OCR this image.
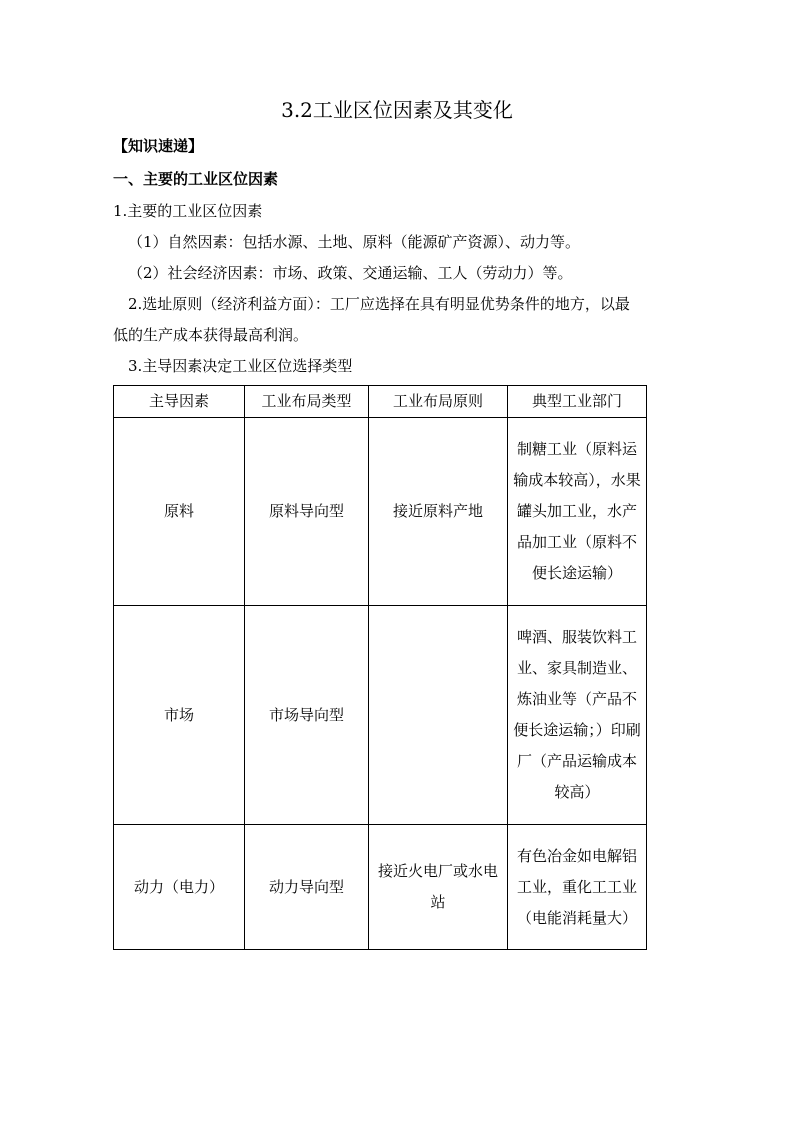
3.2工业区位因素及其变化
【知识速递】
一、主要的工业区位因素
1.主要的工业区位因素
（1）自然因素：包括水源、土地、原料（能源矿产资源）、动力等。
（2）社会经济因素：市场、政策、交通运输、工人（劳动力）等。
2.选址原则（经济利益方面）：工厂应选择在具有明显优势条件的地方，以最
低的生产成本获得最高利润。
3.主导因素决定工业区位选择类型
主导因素	工业布局类型	工业布局原则	典型工业部门
原料	原料导向型	接近原料产地	制糖工业（原料运输成本较高），水果罐头加工业，水产品加工业（原料不便长途运输）
市场	市场导向型		啤酒、服装饮料工业、家具制造业、炼油业等（产品不便长途运输；）印刷厂（产品运输成本较高）
动力（电力）	动力导向型	接近火电厂或水电站	有色冶金如电解铝工业，重化工工业（电能消耗量大）
